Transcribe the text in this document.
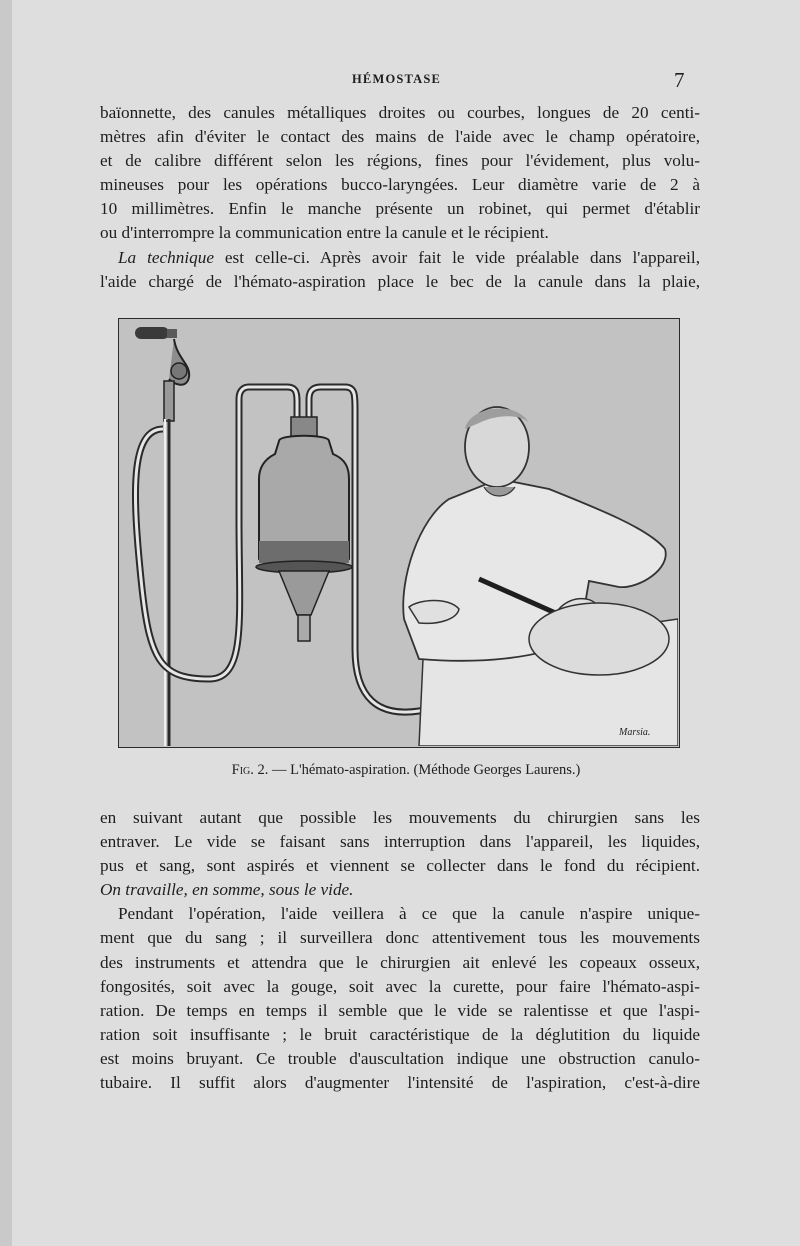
HÉMOSTASE	7

baïonnette, des canules métalliques droites ou courbes, longues de 20 centi-
mètres afin d'éviter le contact des mains de l'aide avec le champ opératoire,
et de calibre différent selon les régions, fines pour l'évidement, plus volu-
mineuses pour les opérations bucco-laryngées. Leur diamètre varie de 2 à
10 millimètres. Enfin le manche présente un robinet, qui permet d'établir
ou d'interrompre la communication entre la canule et le récipient.

La technique est celle-ci. Après avoir fait le vide préalable dans l'appareil,
l'aide chargé de l'hémato-aspiration place le bec de la canule dans la plaie,

Marsia.
Fig. 2. — L'hémato-aspiration. (Méthode Georges Laurens.)

en suivant autant que possible les mouvements du chirurgien sans les
entraver. Le vide se faisant sans interruption dans l'appareil, les liquides,
pus et sang, sont aspirés et viennent se collecter dans le fond du récipient.
On travaille, en somme, sous le vide.

Pendant l'opération, l'aide veillera à ce que la canule n'aspire unique-
ment que du sang ; il surveillera donc attentivement tous les mouvements
des instruments et attendra que le chirurgien ait enlevé les copeaux osseux,
fongosités, soit avec la gouge, soit avec la curette, pour faire l'hémato-aspi-
ration. De temps en temps il semble que le vide se ralentisse et que l'aspi-
ration soit insuffisante ; le bruit caractéristique de la déglutition du liquide
est moins bruyant. Ce trouble d'auscultation indique une obstruction canulo-
tubaire. Il suffit alors d'augmenter l'intensité de l'aspiration, c'est-à-dire
